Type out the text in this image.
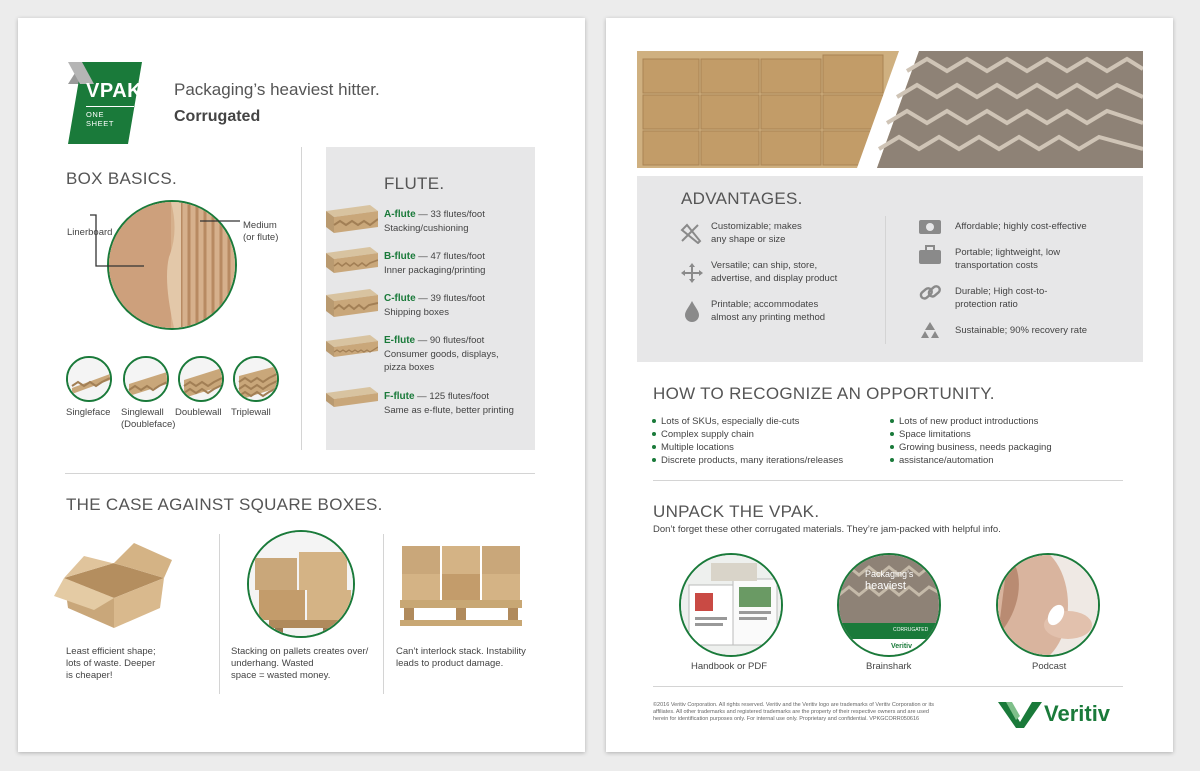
VPAK
ONE SHEET
Packaging’s heaviest hitter.
Corrugated
BOX BASICS.
Linerboard
Medium
(or flute)
Singleface Singlewall
(Doubleface)
Doublewall Triplewall
FLUTE.
A-flute — 33 flutes/foot
Stacking/cushioning
B-flute — 47 flutes/foot
Inner packaging/printing
C-flute — 39 flutes/foot
Shipping boxes
E-flute — 90 flutes/foot
Consumer goods, displays,
pizza boxes
F-flute — 125 flutes/foot
Same as e-flute, better printing
THE CASE AGAINST SQUARE BOXES.
Least efficient shape;
lots of waste. Deeper
is cheaper!
Stacking on pallets creates over/
underhang. Wasted
space = wasted money.
Can’t interlock stack. Instability
leads to product damage.
ADVANTAGES.
Customizable; makes
any shape or size
Versatile; can ship, store,
advertise, and display product
Printable; accommodates
almost any printing method
Affordable; highly cost-effective
Portable; lightweight, low
transportation costs
Durable; High cost-to-
protection ratio
Sustainable; 90% recovery rate
HOW TO RECOGNIZE AN OPPORTUNITY.
Lots of SKUs, especially die-cuts
Complex supply chain
Multiple locations
Discrete products, many iterations/releases
Lots of new product introductions
Space limitations
Growing business, needs packaging
assistance/automation
UNPACK THE VPAK.
Don’t forget these other corrugated materials. They’re jam-packed with helpful info.
Packaging’s
heaviest
CORRUGATED
Veritiv
Handbook or PDF	Brainshark	Podcast
©2016 Veritiv Corporation. All rights reserved. Veritiv and the Veritiv logo are trademarks of Veritiv Corporation or its
affiliates. All other trademarks and registered trademarks are the property of their respective owners and are used
herein for identification purposes only. For internal use only. Proprietary and confidential. VPKGCORR050616	Veritiv
